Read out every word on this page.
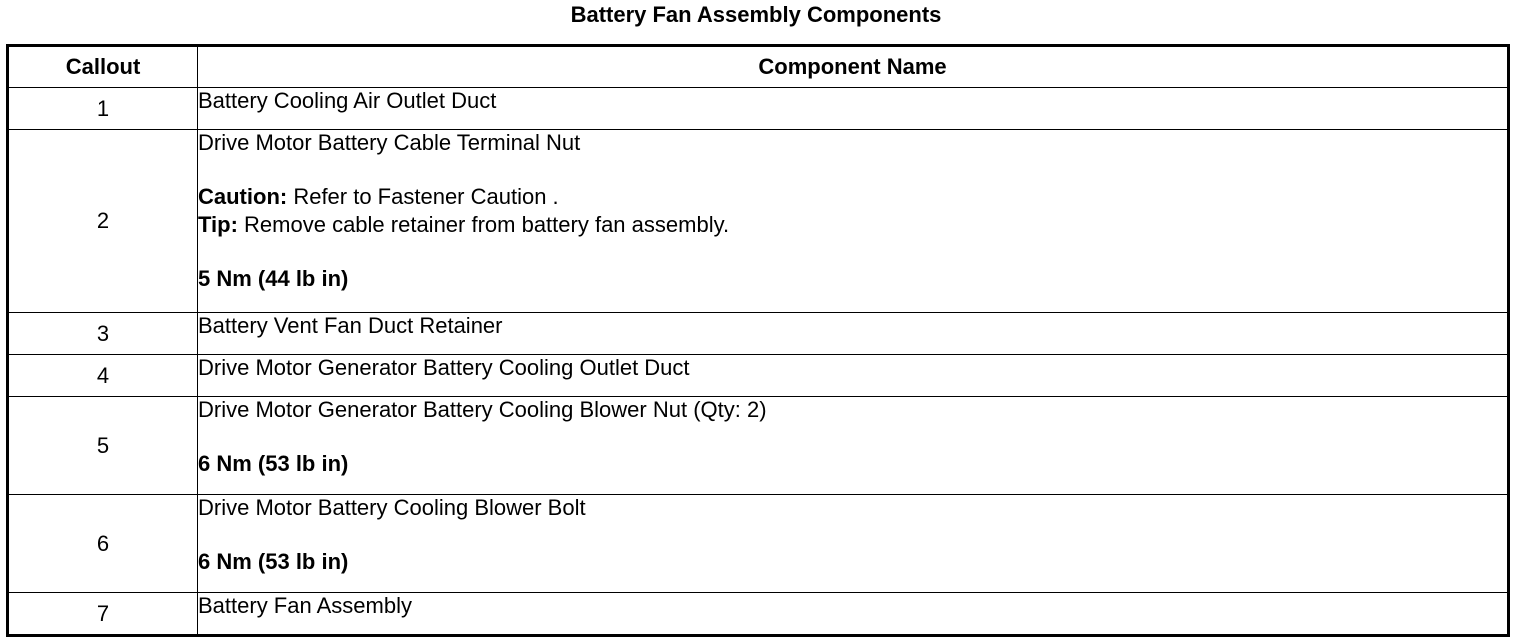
Battery Fan Assembly Components
Callout	Component Name
1	Battery Cooling Air Outlet Duct

2	Drive Motor Battery Cable Terminal Nut
Caution: Refer to Fastener Caution .
Tip: Remove cable retainer from battery fan assembly.
5 Nm (44 lb in)

3	Battery Vent Fan Duct Retainer

4	Drive Motor Generator Battery Cooling Outlet Duct

5	Drive Motor Generator Battery Cooling Blower Nut (Qty: 2)
6 Nm (53 lb in)

6	Drive Motor Battery Cooling Blower Bolt
6 Nm (53 lb in)

7	Battery Fan Assembly
